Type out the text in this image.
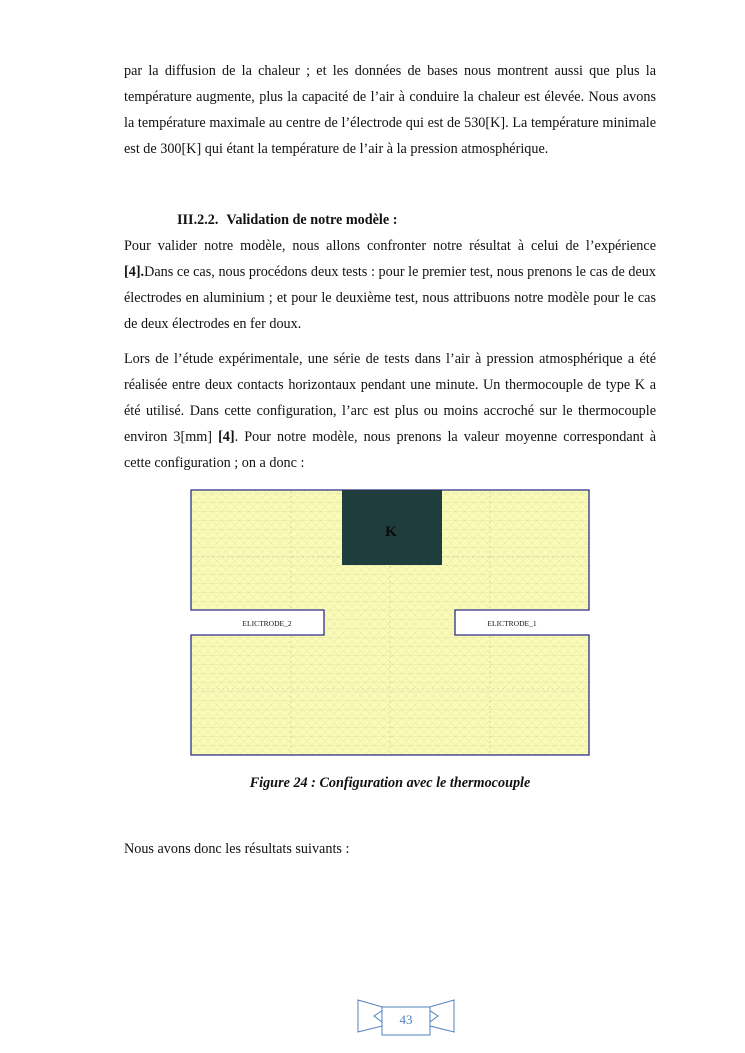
par la diffusion de la chaleur ; et les données de bases nous montrent aussi que plus la température augmente, plus la capacité de l’air à conduire la chaleur est élevée. Nous avons la température maximale au centre de l’électrode qui est de 530[K]. La température minimale est de 300[K] qui étant la température de l’air à la pression atmosphérique.

III.2.2. Validation de notre modèle :

Pour valider notre modèle, nous allons confronter notre résultat à celui de l’expérience [4].Dans ce cas, nous procédons deux tests : pour le premier test, nous prenons le cas de deux électrodes en aluminium ; et pour le deuxième test, nous attribuons notre modèle pour le cas de deux électrodes en fer doux.

Lors de l’étude expérimentale, une série de tests dans l’air à pression atmosphérique a été réalisée entre deux contacts horizontaux pendant une minute. Un thermocouple de type K a été utilisé. Dans cette configuration, l’arc est plus ou moins accroché sur le thermocouple environ 3[mm] [4]. Pour notre modèle, nous prenons la valeur moyenne correspondant à cette configuration ; on a donc :

K
ELICTRODE_2	ELICTRODE_1

Figure 24 : Configuration avec le thermocouple

Nous avons donc les résultats suivants :

43
